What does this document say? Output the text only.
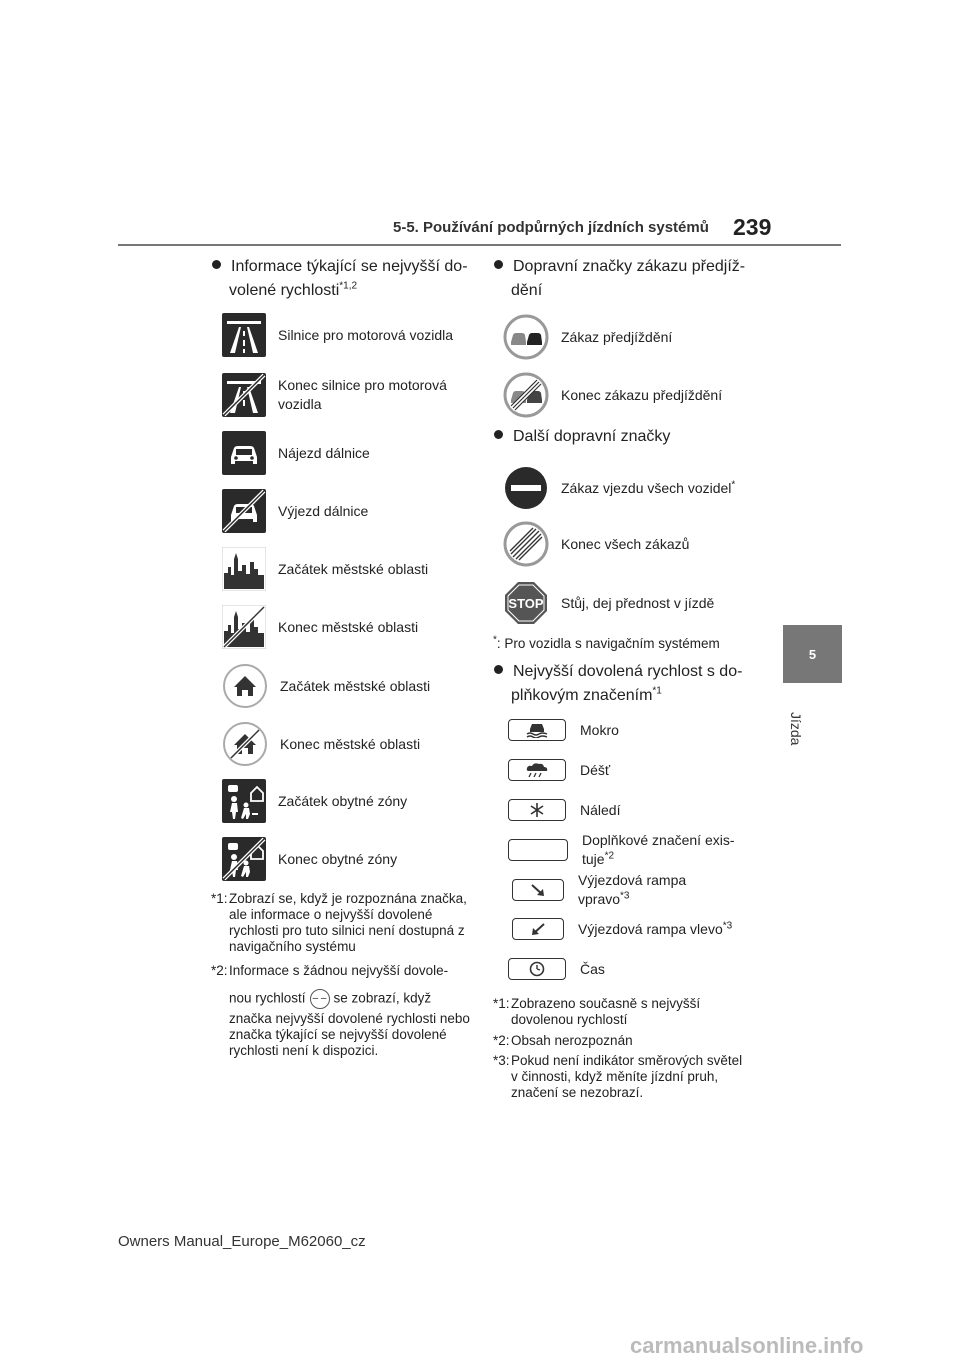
5-5. Používání podpůrných jízdních systémů 239
5
Jízda
Informace týkající se nejvyšší do-
volené rychlosti$^{*1,2}$
Silnice pro motorová vozidla
Konec silnice pro motorová vozidla
Nájezd dálnice
Výjezd dálnice
Začátek městské oblasti
Konec městské oblasti
Začátek městské oblasti
Konec městské oblasti
Začátek obytné zóny
Konec obytné zóny
*1: Zobrazí se, když je rozpoznána značka, ale informace o nejvyšší dovolené rychlosti pro tuto silnici není dostupná z navigačního systému
*2: Informace s žádnou nejvyšší dovole-
nou rychlostí – – se zobrazí, když
značka nejvyšší dovolené rychlosti nebo značka týkající se nejvyšší dovolené rychlosti není k dispozici.
Dopravní značky zákazu předjíž-
dění
Zákaz předjíždění
Konec zákazu předjíždění
Další dopravní značky
Zákaz vjezdu všech vozidel*
Konec všech zákazů
STOP Stůj, dej přednost v jízdě
*: Pro vozidla s navigačním systémem
Nejvyšší dovolená rychlost s do-
plňkovým značením$^{*1}$
Mokro
Déšť
Náledí
Doplňkové značení exis-
tuje$^{*2}$
Výjezdová rampa
vpravo$^{*3}$
Výjezdová rampa vlevo$^{*3}$
Čas
*1: Zobrazeno současně s nejvyšší dovolenou rychlostí
*2: Obsah nerozpoznán
*3: Pokud není indikátor směrových světel v činnosti, když měníte jízdní pruh, značení se nezobrazí.
Owners Manual_Europe_M62060_cz
carmanualsonline.info
